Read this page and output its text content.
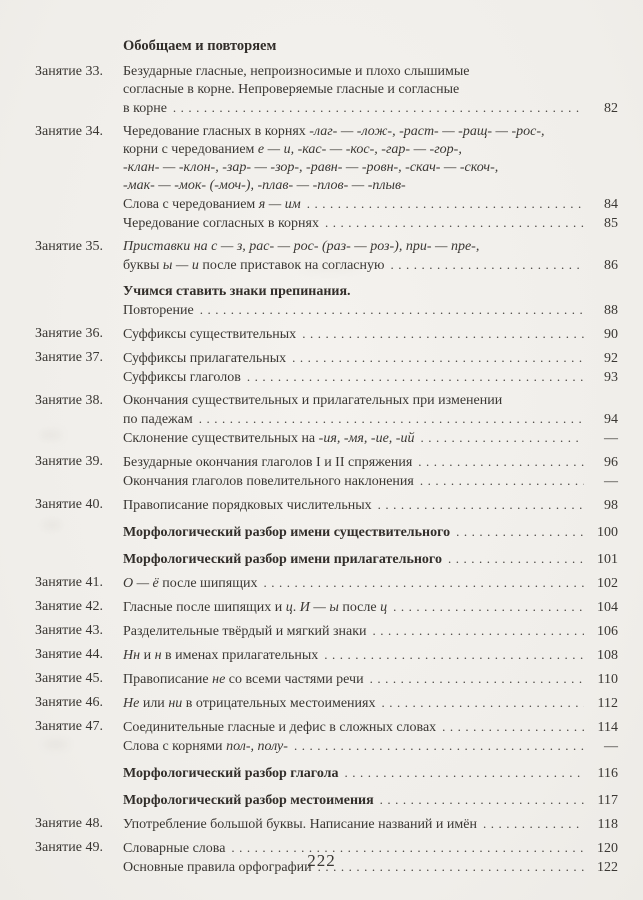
Обобщаем и повторяем
Занятие 33.	Безударные гласные, непроизносимые и плохо слышимые
согласные в корне. Непроверяемые гласные и согласные
в корне .....	82
Занятие 34.	Чередование гласных в корнях -лаг- — -лож-, -раст- — -ращ- — -рос-,
корни с чередованием е — и, -кас- — -кос-, -гар- — -гор-,
-клан- — -клон-, -зар- — -зор-, -равн- — -ровн-, -скач- — -скоч-,
-мак- — -мок- (-моч-), -плав- — -плов- — -плыв-
Слова с чередованием я — им .....	84
Чередование согласных в корнях .....	85
Занятие 35.	Приставки на с — з, рас- — рос- (раз- — роз-), при- — пре-,
буквы ы — и после приставок на согласную .....	86
Учимся ставить знаки препинания.
Повторение .....	88
Занятие 36.	Суффиксы существительных .....	90
Занятие 37.	Суффиксы прилагательных .....	92
Суффиксы глаголов .....	93
Занятие 38.	Окончания существительных и прилагательных при изменении
по падежам .....	94
Склонение существительных на -ия, -мя, -ие, -ий .....	—
Занятие 39.	Безударные окончания глаголов I и II спряжения .....	96
Окончания глаголов повелительного наклонения .....	—
Занятие 40.	Правописание порядковых числительных .....	98
Морфологический разбор имени существительного .....	100
Морфологический разбор имени прилагательного .....	101
Занятие 41.	О — ё после шипящих .....	102
Занятие 42.	Гласные после шипящих и ц. И — ы после ц .....	104
Занятие 43.	Разделительные твёрдый и мягкий знаки .....	106
Занятие 44.	Нн и н в именах прилагательных .....	108
Занятие 45.	Правописание не со всеми частями речи .....	110
Занятие 46.	Не или ни в отрицательных местоимениях .....	112
Занятие 47.	Соединительные гласные и дефис в сложных словах .....	114
Слова с корнями пол-, полу- .....	—
Морфологический разбор глагола .....	116
Морфологический разбор местоимения .....	117
Занятие 48.	Употребление большой буквы. Написание названий и имён .....	118
Занятие 49.	Словарные слова .....	120
Основные правила орфографии .....	122
222
